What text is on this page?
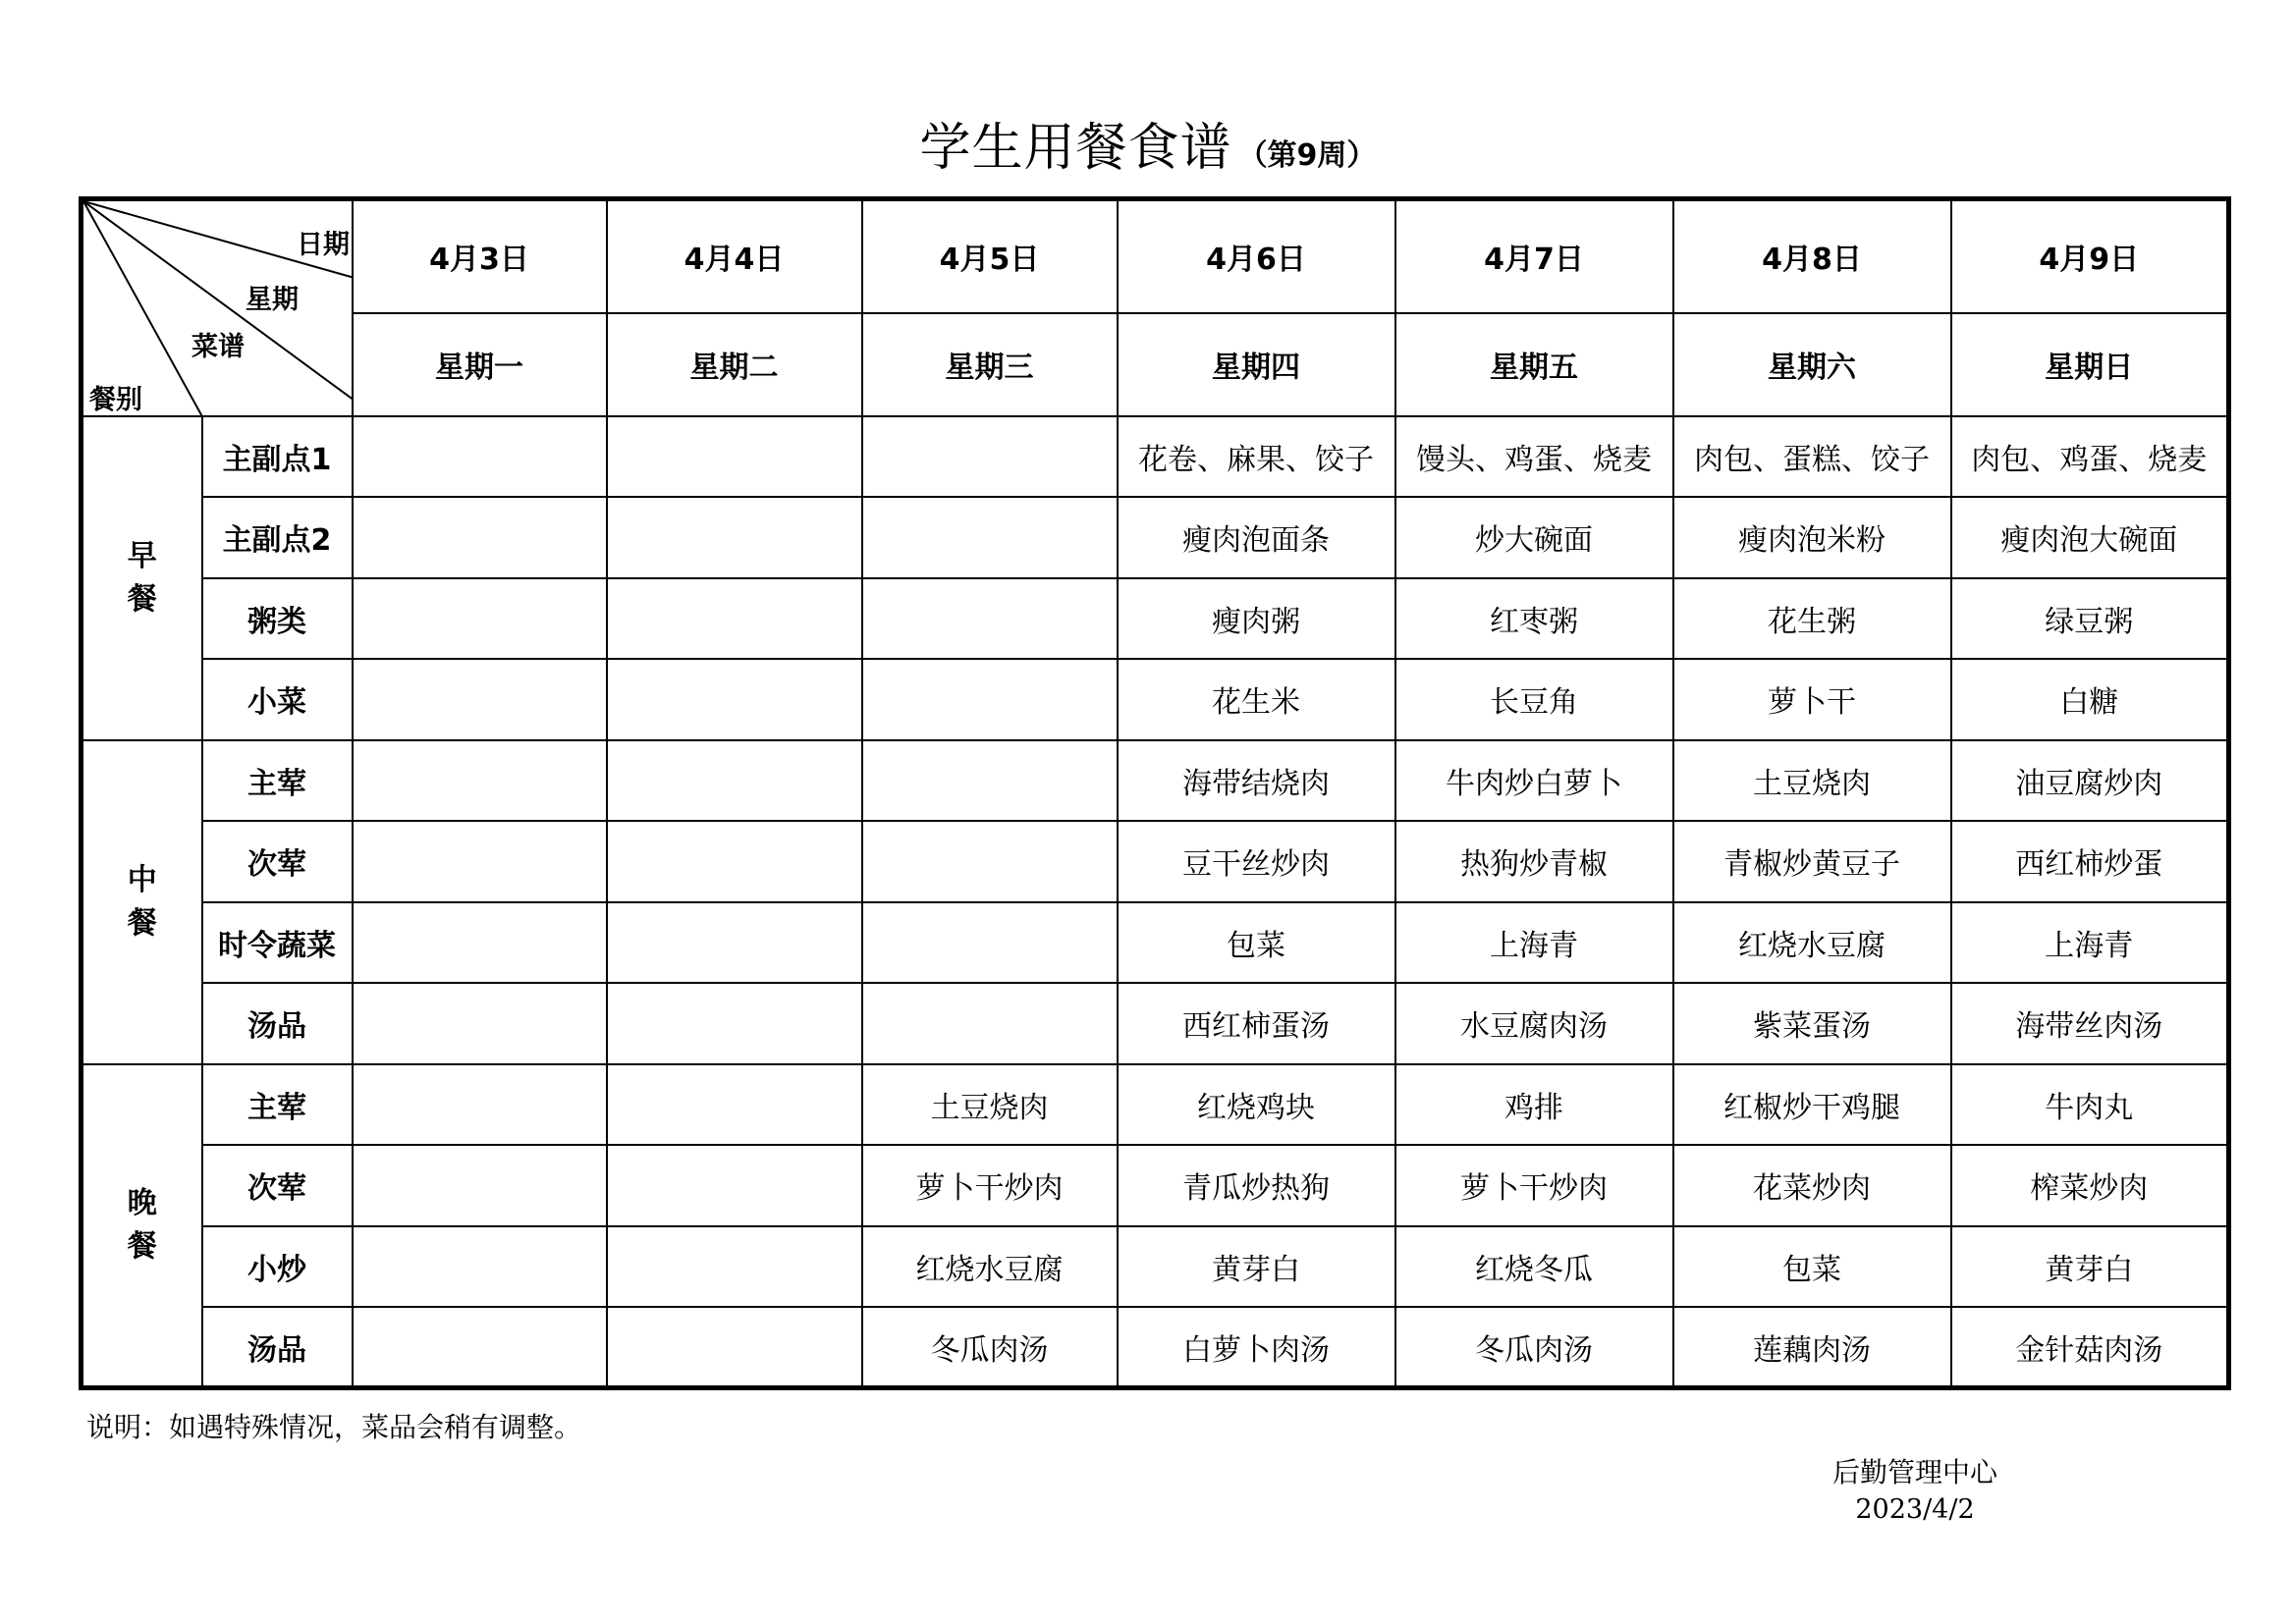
学生用餐食谱 （第9周）
日期
星期
菜谱
餐别		4月3日	4月4日	4月5日	4月6日	4月7日	4月8日	4月9日
		星期一	星期二	星期三	星期四	星期五	星期六	星期日

早
餐	主副点1				花卷、麻果、饺子	馒头、鸡蛋、烧麦	肉包、蛋糕、饺子	肉包、鸡蛋、烧麦
	主副点2				瘦肉泡面条	炒大碗面	瘦肉泡米粉	瘦肉泡大碗面
	粥类				瘦肉粥	红枣粥	花生粥	绿豆粥
	小菜				花生米	长豆角	萝卜干	白糖

中
餐	主荤				海带结烧肉	牛肉炒白萝卜	土豆烧肉	油豆腐炒肉
	次荤				豆干丝炒肉	热狗炒青椒	青椒炒黄豆子	西红柿炒蛋
	时令蔬菜				包菜	上海青	红烧水豆腐	上海青
	汤品				西红柿蛋汤	水豆腐肉汤	紫菜蛋汤	海带丝肉汤

晚
餐	主荤			土豆烧肉	红烧鸡块	鸡排	红椒炒干鸡腿	牛肉丸
	次荤			萝卜干炒肉	青瓜炒热狗	萝卜干炒肉	花菜炒肉	榨菜炒肉
	小炒			红烧水豆腐	黄芽白	红烧冬瓜	包菜	黄芽白
	汤品			冬瓜肉汤	白萝卜肉汤	冬瓜肉汤	莲藕肉汤	金针菇肉汤
说明：如遇特殊情况，菜品会稍有调整。
后勤管理中心
2023/4/2
